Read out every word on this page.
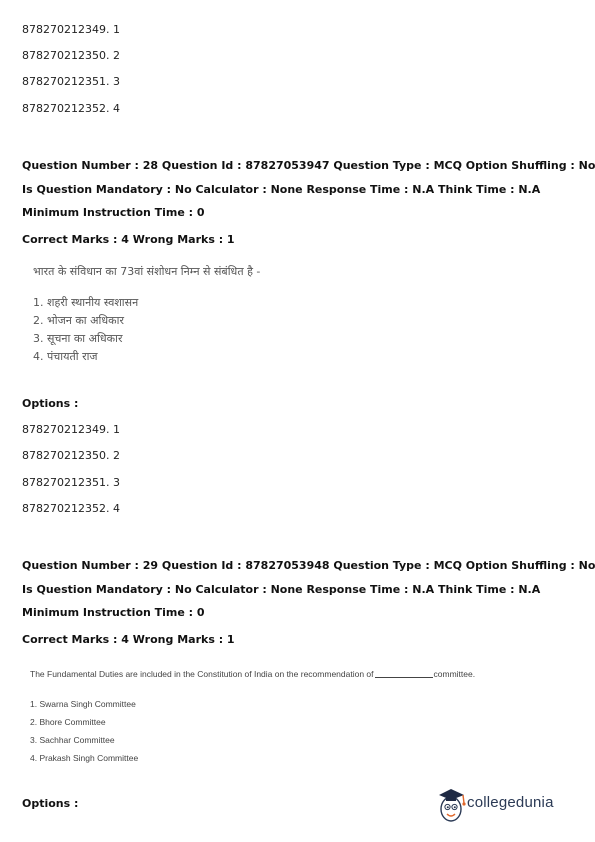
878270212349. 1
878270212350. 2
878270212351. 3
878270212352. 4
Question Number : 28 Question Id : 87827053947 Question Type : MCQ Option Shuffling : No
Is Question Mandatory : No Calculator : None Response Time : N.A Think Time : N.A
Minimum Instruction Time : 0
Correct Marks : 4 Wrong Marks : 1
भारत के संविधान का 73वां संशोधन निम्न से संबंधित है -
1. शहरी स्थानीय स्वशासन
2. भोजन का अधिकार
3. सूचना का अधिकार
4. पंचायती राज
Options :
878270212349. 1
878270212350. 2
878270212351. 3
878270212352. 4
Question Number : 29 Question Id : 87827053948 Question Type : MCQ Option Shuffling : No
Is Question Mandatory : No Calculator : None Response Time : N.A Think Time : N.A
Minimum Instruction Time : 0
Correct Marks : 4 Wrong Marks : 1
The Fundamental Duties are included in the Constitution of India on the recommendation of	committee.
1. Swarna Singh Committee
2. Bhore Committee
3. Sachhar Committee
4. Prakash Singh Committee
Options :	collegedunia
